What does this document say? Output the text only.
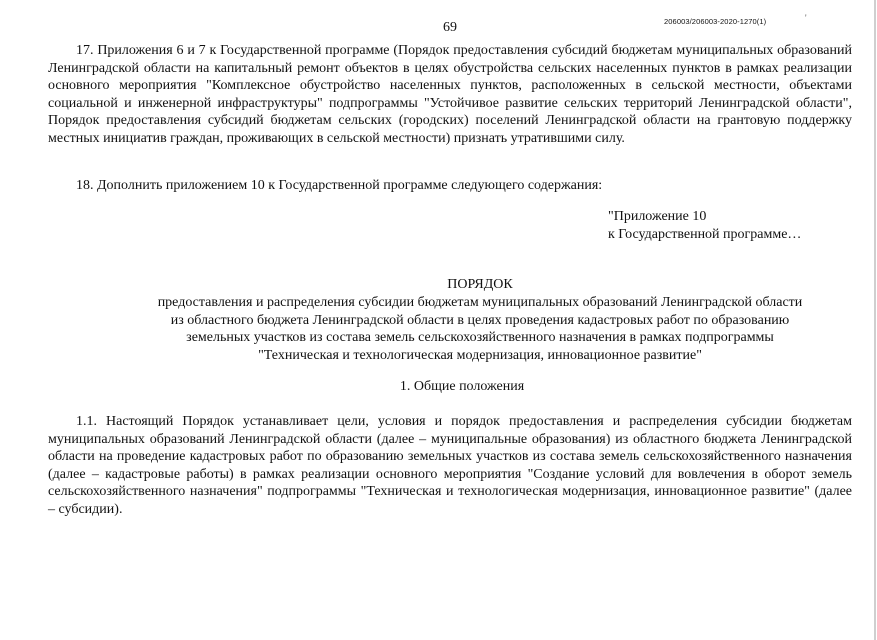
69	206003/206003-2020-1270(1)	'

17. Приложения 6 и 7 к Государственной программе (Порядок предоставления субсидий бюджетам муниципальных образований Ленинградской области на капитальный ремонт объектов в целях обустройства сельских населенных пунктов в рамках реализации основного мероприятия "Комплексное обустройство населенных пунктов, расположенных в сельской местности, объектами социальной и инженерной инфраструктуры" подпрограммы "Устойчивое развитие сельских территорий Ленинградской области", Порядок предоставления субсидий бюджетам сельских (городских) поселений Ленинградской области на грантовую поддержку местных инициатив граждан, проживающих в сельской местности) признать утратившими силу.

18. Дополнить приложением 10 к Государственной программе следующего содержания:

"Приложение 10
к Государственной программе…
ПОРЯДОК
предоставления и распределения субсидии бюджетам муниципальных образований Ленинградской области
из областного бюджета Ленинградской области в целях проведения кадастровых работ по образованию
земельных участков из состава земель сельскохозяйственного назначения в рамках подпрограммы
"Техническая и технологическая модернизация, инновационное развитие"
1. Общие положения

1.1. Настоящий Порядок устанавливает цели, условия и порядок предоставления и распределения субсидии бюджетам муниципальных образований Ленинградской области (далее – муниципальные образования) из областного бюджета Ленинградской области на проведение кадастровых работ по образованию земельных участков из состава земель сельскохозяйственного назначения (далее – кадастровые работы) в рамках реализации основного мероприятия "Создание условий для вовлечения в оборот земель сельскохозяйственного назначения" подпрограммы "Техническая и технологическая модернизация, инновационное развитие" (далее – субсидии).
